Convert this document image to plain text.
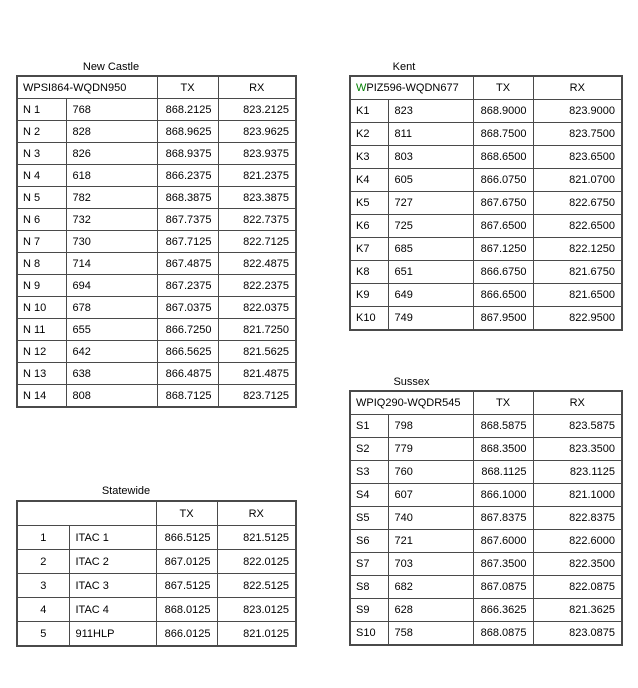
New Castle
WPSI864-WQDN950		TX	RX
N 1	768	868.2125	823.2125
N 2	828	868.9625	823.9625
N 3	826	868.9375	823.9375
N 4	618	866.2375	821.2375
N 5	782	868.3875	823.3875
N 6	732	867.7375	822.7375
N 7	730	867.7125	822.7125
N 8	714	867.4875	822.4875
N 9	694	867.2375	822.2375
N 10	678	867.0375	822.0375
N 11	655	866.7250	821.7250
N 12	642	866.5625	821.5625
N 13	638	866.4875	821.4875
N 14	808	868.7125	823.7125
Kent
WPIZ596-WQDN677		TX	RX
K1	823	868.9000	823.9000
K2	811	868.7500	823.7500
K3	803	868.6500	823.6500
K4	605	866.0750	821.0700
K5	727	867.6750	822.6750
K6	725	867.6500	822.6500
K7	685	867.1250	822.1250
K8	651	866.6750	821.6750
K9	649	866.6500	821.6500
K10	749	867.9500	822.9500
Sussex
WPIQ290-WQDR545		TX	RX
S1	798	868.5875	823.5875
S2	779	868.3500	823.3500
S3	760	868.1125	823.1125
S4	607	866.1000	821.1000
S5	740	867.8375	822.8375
S6	721	867.6000	822.6000
S7	703	867.3500	822.3500
S8	682	867.0875	822.0875
S9	628	866.3625	821.3625
S10	758	868.0875	823.0875
Statewide
		TX	RX
1	ITAC 1	866.5125	821.5125
2	ITAC 2	867.0125	822.0125
3	ITAC 3	867.5125	822.5125
4	ITAC 4	868.0125	823.0125
5	911HLP	866.0125	821.0125
